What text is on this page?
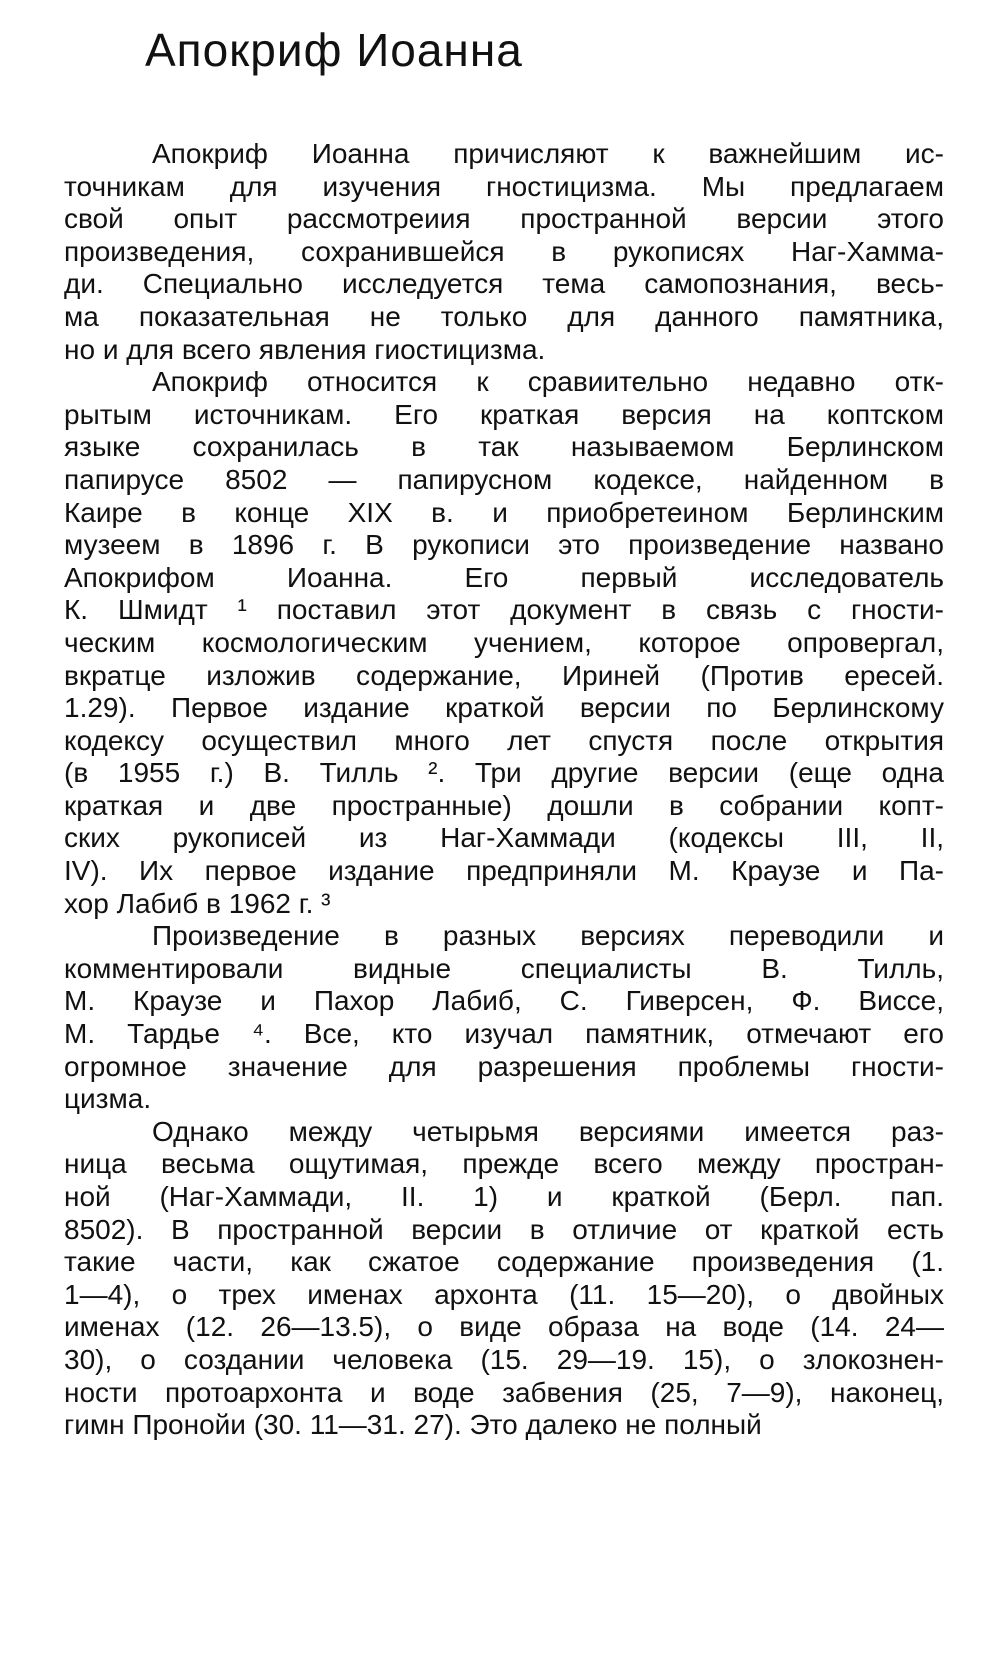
Апокриф Иоанна
Апокриф Иоанна причисляют к важнейшим ис-
точникам для изучения гностицизма. Мы предлагаем
свой опыт рассмотреиия пространной версии этого
произведения, сохранившейся в рукописях Наг-Хамма-
ди. Специально исследуется тема самопознания, весь-
ма показательная не только для данного памятника,
но и для всего явления гиостицизма.
Апокриф относится к сравиительно недавно отк-
рытым источникам. Его краткая версия на коптском
языке сохранилась в так называемом Берлинском
папирусе 8502 — папирусном кодексе, найденном в
Каире в конце XIX в. и приобретеином Берлинским
музеем в 1896 г. В рукописи это произведение названо
Апокрифом Иоанна. Его первый исследователь
К. Шмидт ¹ поставил этот документ в связь с гности-
ческим космологическим учением, которое опровергал,
вкратце изложив содержание, Ириней (Против ересей.
1.29). Первое издание краткой версии по Берлинскому
кодексу осуществил много лет спустя после открытия
(в 1955 г.) В. Тилль ². Три другие версии (еще одна
краткая и две пространные) дошли в собрании копт-
ских рукописей из Наг-Хаммади (кодексы III, II,
IV). Их первое издание предприняли М. Краузе и Па-
хор Лабиб в 1962 г. ³
Произведение в разных версиях переводили и
комментировали видные специалисты В. Тилль,
М. Краузе и Пахор Лабиб, С. Гиверсен, Ф. Виссе,
М. Тардье ⁴. Все, кто изучал памятник, отмечают его
огромное значение для разрешения проблемы гности-
цизма.
Однако между четырьмя версиями имеется раз-
ница весьма ощутимая, прежде всего между простран-
ной (Наг-Хаммади, II. 1) и краткой (Берл. пап.
8502). В пространной версии в отличие от краткой есть
такие части, как сжатое содержание произведения (1.
1—4), о трех именах архонта (11. 15—20), о двойных
именах (12. 26—13.5), о виде образа на воде (14. 24—
30), о создании человека (15. 29—19. 15), о злокознен-
ности протоархонта и воде забвения (25, 7—9), наконец,
гимн Пронойи (30. 11—31. 27). Это далеко не полный
